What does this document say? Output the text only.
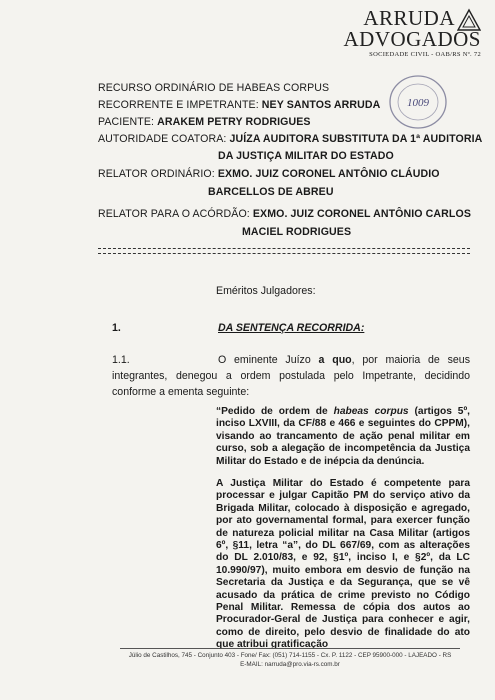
ARRUDA
ADVOGADOS
SOCIEDADE CIVIL - OAB/RS Nº. 72
1009
RECURSO ORDINÁRIO DE HABEAS CORPUS
RECORRENTE E IMPETRANTE: NEY SANTOS ARRUDA
PACIENTE: ARAKEM PETRY RODRIGUES
AUTORIDADE COATORA: JUÍZA AUDITORA SUBSTITUTA DA 1ª AUDITORIA
DA JUSTIÇA MILITAR DO ESTADO
RELATOR ORDINÁRIO: EXMO. JUIZ CORONEL ANTÔNIO CLÁUDIO
BARCELLOS DE ABREU
RELATOR PARA O ACÓRDÃO: EXMO. JUIZ CORONEL ANTÔNIO CARLOS
MACIEL RODRIGUES
Eméritos Julgadores:
1.	DA SENTENÇA RECORRIDA:
1.1.	O eminente Juízo a quo, por maioria de seus integrantes, denegou a ordem postulada pelo Impetrante, decidindo conforme a ementa seguinte:
“Pedido de ordem de habeas corpus (artigos 5º, inciso LXVIII, da CF/88 e 466 e seguintes do CPPM), visando ao trancamento de ação penal militar em curso, sob a alegação de incompetência da Justiça Militar do Estado e de inépcia da denúncia.
A Justiça Militar do Estado é competente para processar e julgar Capitão PM do serviço ativo da Brigada Militar, colocado à disposição e agregado, por ato governamental formal, para exercer função de natureza policial militar na Casa Militar (artigos 6º, §11, letra “a”, do DL 667/69, com as alterações do DL 2.010/83, e 92, §1º, inciso I, e §2º, da LC 10.990/97), muito embora em desvio de função na Secretaria da Justiça e da Segurança, que se vê acusado da prática de crime previsto no Código Penal Militar. Remessa de cópia dos autos ao Procurador-Geral de Justiça para conhecer e agir, como de direito, pelo desvio de finalidade do ato que atribui gratificação
Júlio de Castilhos, 745 - Conjunto 403 - Fone/ Fax: (051) 714-1155 - Cx. P. 1122 - CEP 95900-000 - LAJEADO - RS
E-MAIL: narruda@pro.via-rs.com.br
